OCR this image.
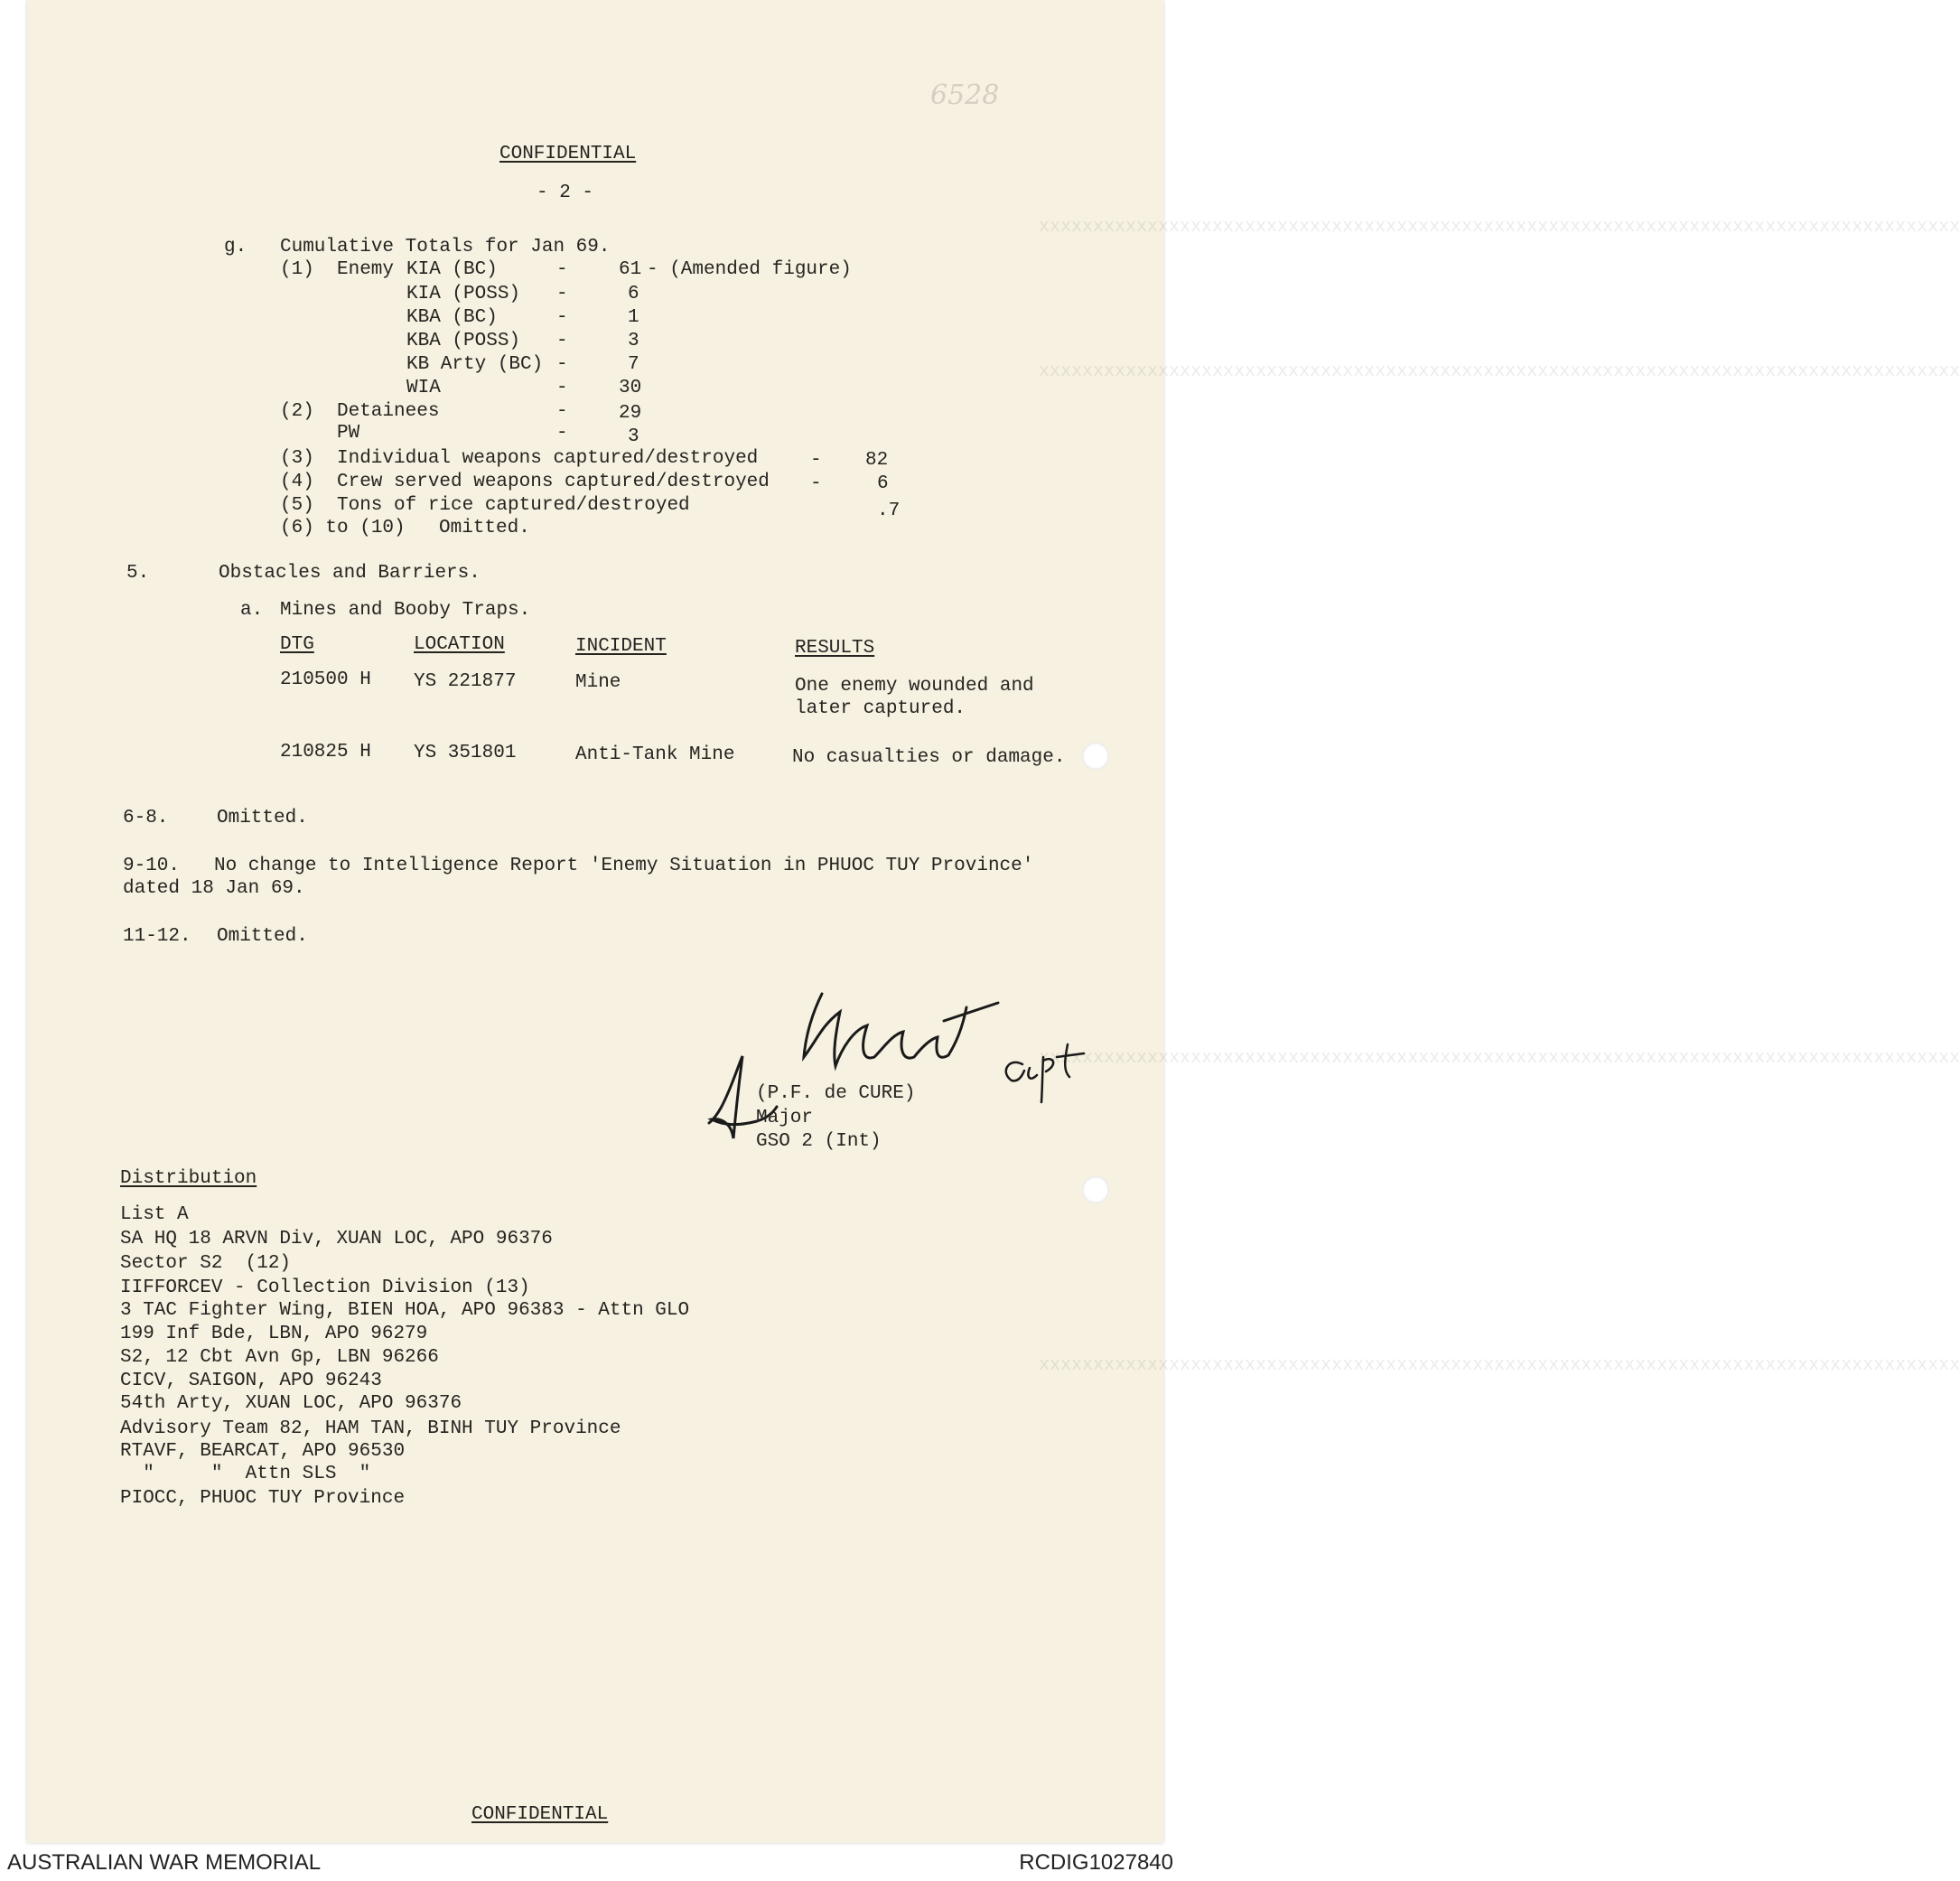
xxxxxxxxxxxxxxxxxxxxxxxxxxxxxxxxxxxxxxxxxxxxxxxxxxxxxxxxxxxxxxxxxxxxxxxxxxxxxxxxxxxxx
xxxxxxxxxxxxxxxxxxxxxxxxxxxxxxxxxxxxxxxxxxxxxxxxxxxxxxxxxxxxxxxxxxxxxxxxxxxxxxxxxxxxx
xxxxxxxxxxxxxxxxxxxxxxxxxxxxxxxxxxxxxxxxxxxxxxxxxxxxxxxxxxxxxxxxxxxxxxxxxxxxxxxxxxxxx
xxxxxxxxxxxxxxxxxxxxxxxxxxxxxxxxxxxxxxxxxxxxxxxxxxxxxxxxxxxxxxxxxxxxxxxxxxxxxxxxxxxxx
6528
CONFIDENTIAL
- 2 -
g. Cumulative Totals for Jan 69.
(1) Enemy KIA (BC)	-	61 - (Amended figure)
KIA (POSS) -	6
KBA (BC)	-	1
KBA (POSS) -	3
KB Arty (BC) -	7
WIA	-	30
(2) Detainees	-	29
PW	-	3
(3) Individual weapons captured/destroyed	- 82
(4) Crew served weapons captured/destroyed -	6
(5) Tons of rice captured/destroyed	.7
(6) to (10) Omitted.
5.	Obstacles and Barriers.
a. Mines and Booby Traps.
DTG	LOCATION	INCIDENT	RESULTS
210500 H YS 221877	Mine	One enemy wounded and
later captured.
210825 H YS 351801	Anti-Tank Mine	No casualties or damage.
6-8.	Omitted.
9-10. No change to Intelligence Report 'Enemy Situation in PHUOC TUY Province'
dated 18 Jan 69.
11-12. Omitted.
(P.F. de CURE)
Major
GSO 2 (Int)
Distribution
List A
SA HQ 18 ARVN Div, XUAN LOC, APO 96376
Sector S2  (12)
IIFFORCEV - Collection Division (13)
3 TAC Fighter Wing, BIEN HOA, APO 96383 - Attn GLO
199 Inf Bde, LBN, APO 96279
S2, 12 Cbt Avn Gp, LBN 96266
CICV, SAIGON, APO 96243
54th Arty, XUAN LOC, APO 96376
Advisory Team 82, HAM TAN, BINH TUY Province
RTAVF, BEARCAT, APO 96530
"     "  Attn SLS  "
PIOCC, PHUOC TUY Province
CONFIDENTIAL
AUSTRALIAN WAR MEMORIAL	RCDIG1027840
